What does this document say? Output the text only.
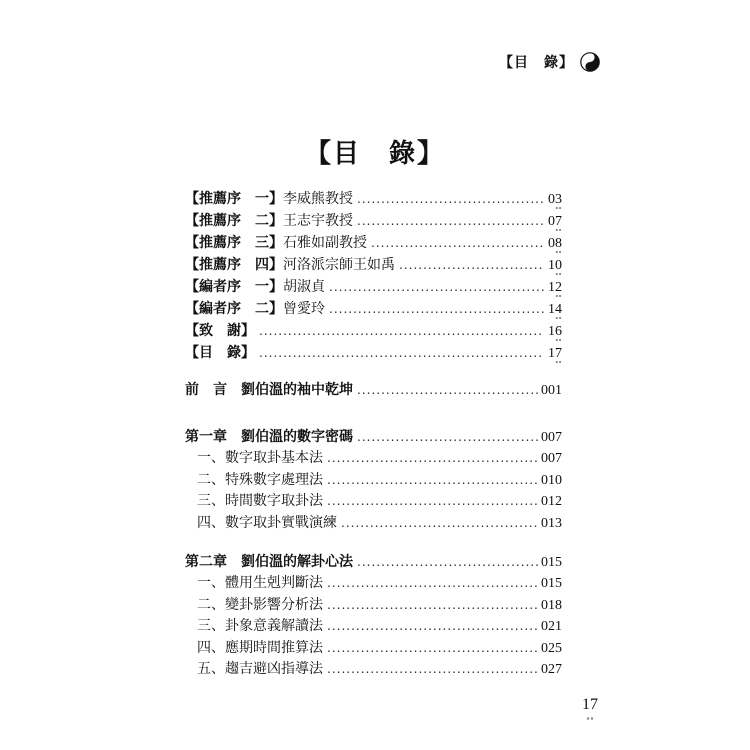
【目　錄】
【目　錄】
【推薦序　一】 李威熊教授 .....	03 ∘∘
【推薦序　二】 王志宇教授 .....	07 ∘∘
【推薦序　三】 石雅如副教授 .....	08 ∘∘
【推薦序　四】 河洛派宗師王如禹 .....	10 ∘∘
【編者序　一】 胡淑貞 .....	12 ∘∘
【編者序　二】 曾愛玲 .....	14 ∘∘
【致　謝】 .....	16 ∘∘
【目　錄】 .....	17 ∘∘
前　言 劉伯溫的袖中乾坤 .....	001
第一章 劉伯溫的數字密碼 .....	007
一、數字取卦基本法 .....	007
二、特殊數字處理法 .....	010
三、時間數字取卦法 .....	012
四、數字取卦實戰演練 .....	013
第二章 劉伯溫的解卦心法 .....	015
一、體用生剋判斷法 .....	015
二、變卦影響分析法 .....	018
三、卦象意義解讀法 .....	021
四、應期時間推算法 .....	025
五、趨吉避凶指導法 .....	027
17
∘∘
